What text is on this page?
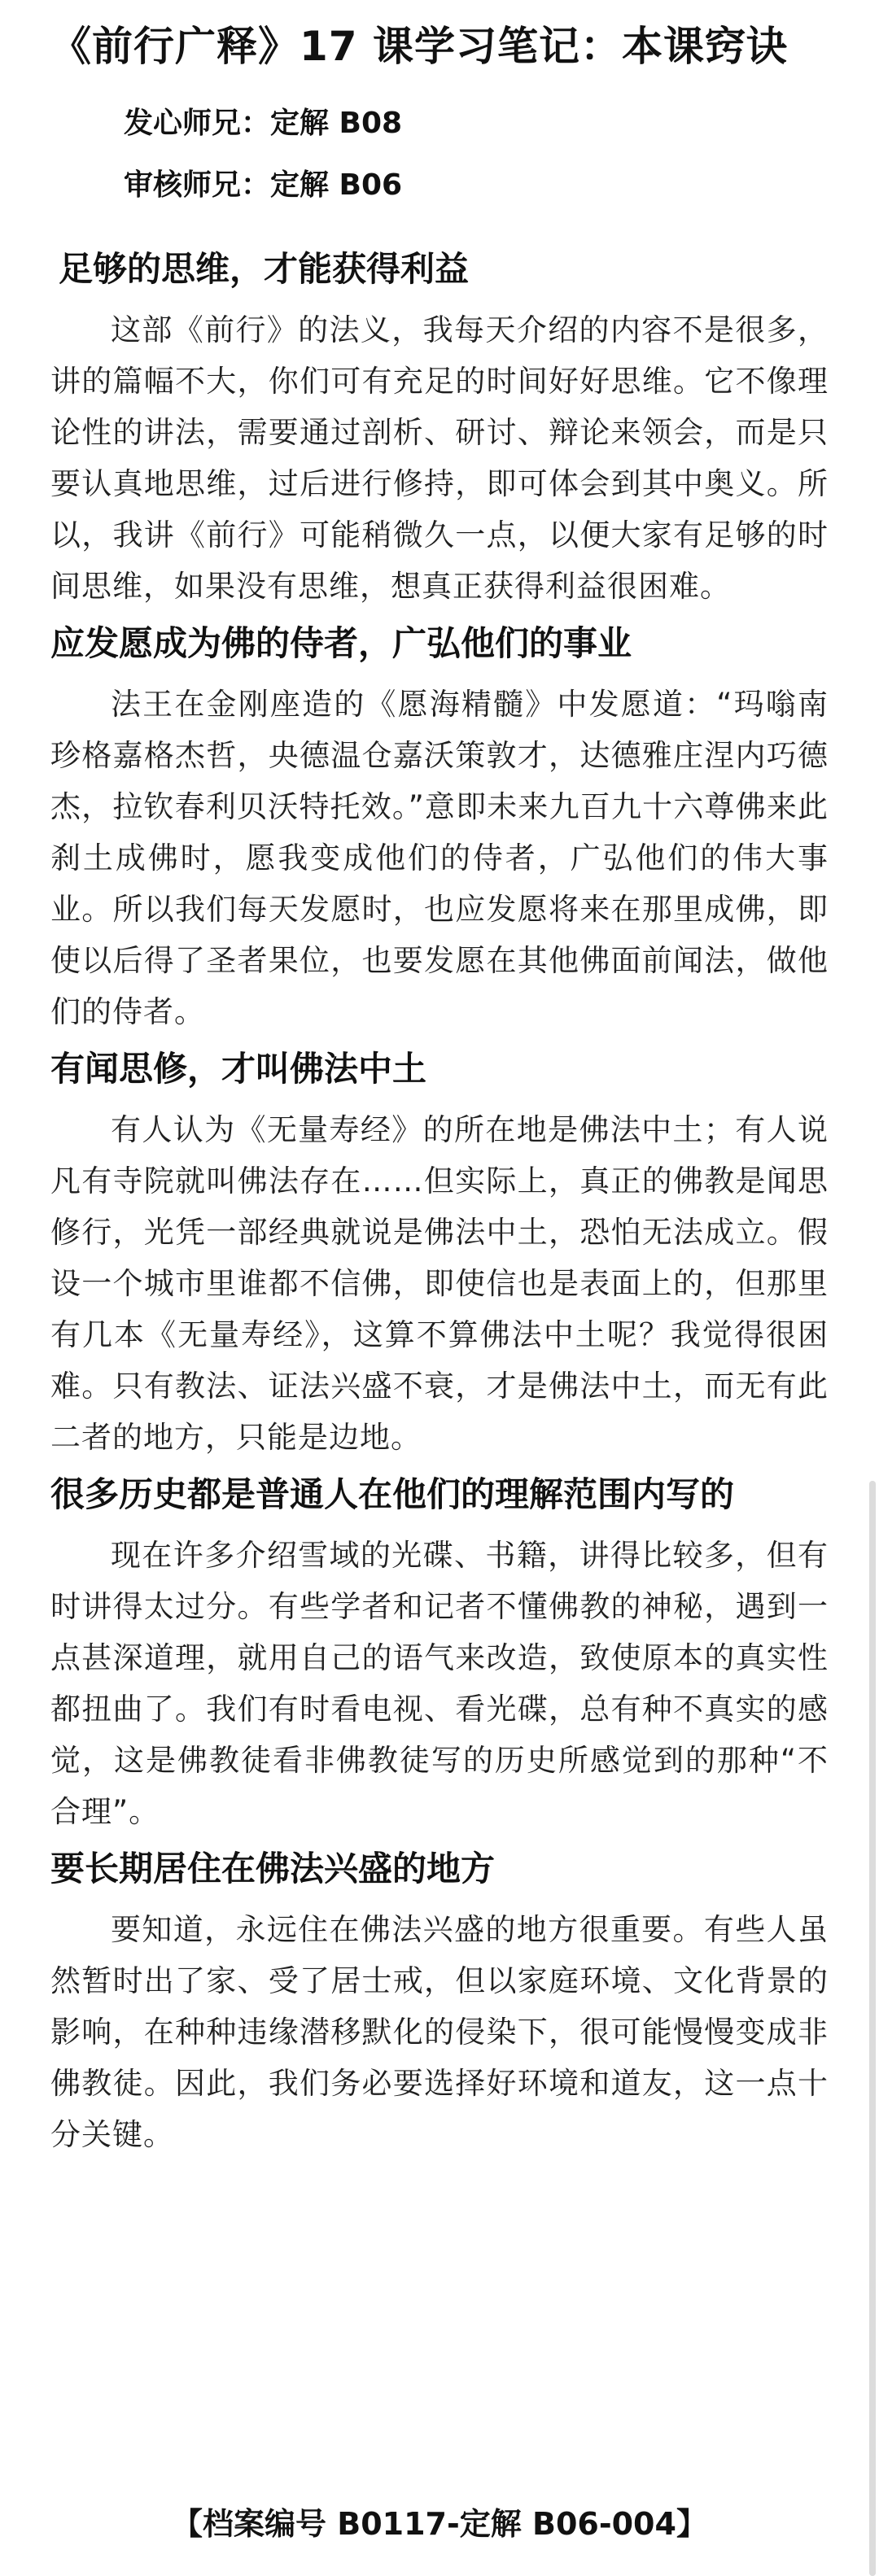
《前行广释》17 课学习笔记：本课窍诀
发心师兄：定解 B08
审核师兄：定解 B06
足够的思维，才能获得利益

这部《前行》的法义，我每天介绍的内容不是很多，讲的篇幅不大，你们可有充足的时间好好思维。它不像理论性的讲法，需要通过剖析、研讨、辩论来领会，而是只要认真地思维，过后进行修持，即可体会到其中奥义。所以，我讲《前行》可能稍微久一点，以便大家有足够的时间思维，如果没有思维，想真正获得利益很困难。

应发愿成为佛的侍者，广弘他们的事业

法王在金刚座造的《愿海精髓》中发愿道：“玛嗡南珍格嘉格杰哲，央德温仓嘉沃策敦才，达德雅庄涅内巧德杰，拉钦春利贝沃特托效。”意即未来九百九十六尊佛来此刹土成佛时，愿我变成他们的侍者，广弘他们的伟大事业。所以我们每天发愿时，也应发愿将来在那里成佛，即使以后得了圣者果位，也要发愿在其他佛面前闻法，做他们的侍者。

有闻思修，才叫佛法中土

有人认为《无量寿经》的所在地是佛法中土；有人说凡有寺院就叫佛法存在……但实际上，真正的佛教是闻思修行，光凭一部经典就说是佛法中土，恐怕无法成立。假设一个城市里谁都不信佛，即使信也是表面上的，但那里有几本《无量寿经》，这算不算佛法中土呢？我觉得很困难。只有教法、证法兴盛不衰，才是佛法中土，而无有此二者的地方，只能是边地。

很多历史都是普通人在他们的理解范围内写的

现在许多介绍雪域的光碟、书籍，讲得比较多，但有时讲得太过分。有些学者和记者不懂佛教的神秘，遇到一点甚深道理，就用自己的语气来改造，致使原本的真实性都扭曲了。我们有时看电视、看光碟，总有种不真实的感觉，这是佛教徒看非佛教徒写的历史所感觉到的那种“不合理”。

要长期居住在佛法兴盛的地方

要知道，永远住在佛法兴盛的地方很重要。有些人虽然暂时出了家、受了居士戒，但以家庭环境、文化背景的影响，在种种违缘潜移默化的侵染下，很可能慢慢变成非佛教徒。因此，我们务必要选择好环境和道友，这一点十分关键。

【档案编号 B0117-定解 B06-004】
